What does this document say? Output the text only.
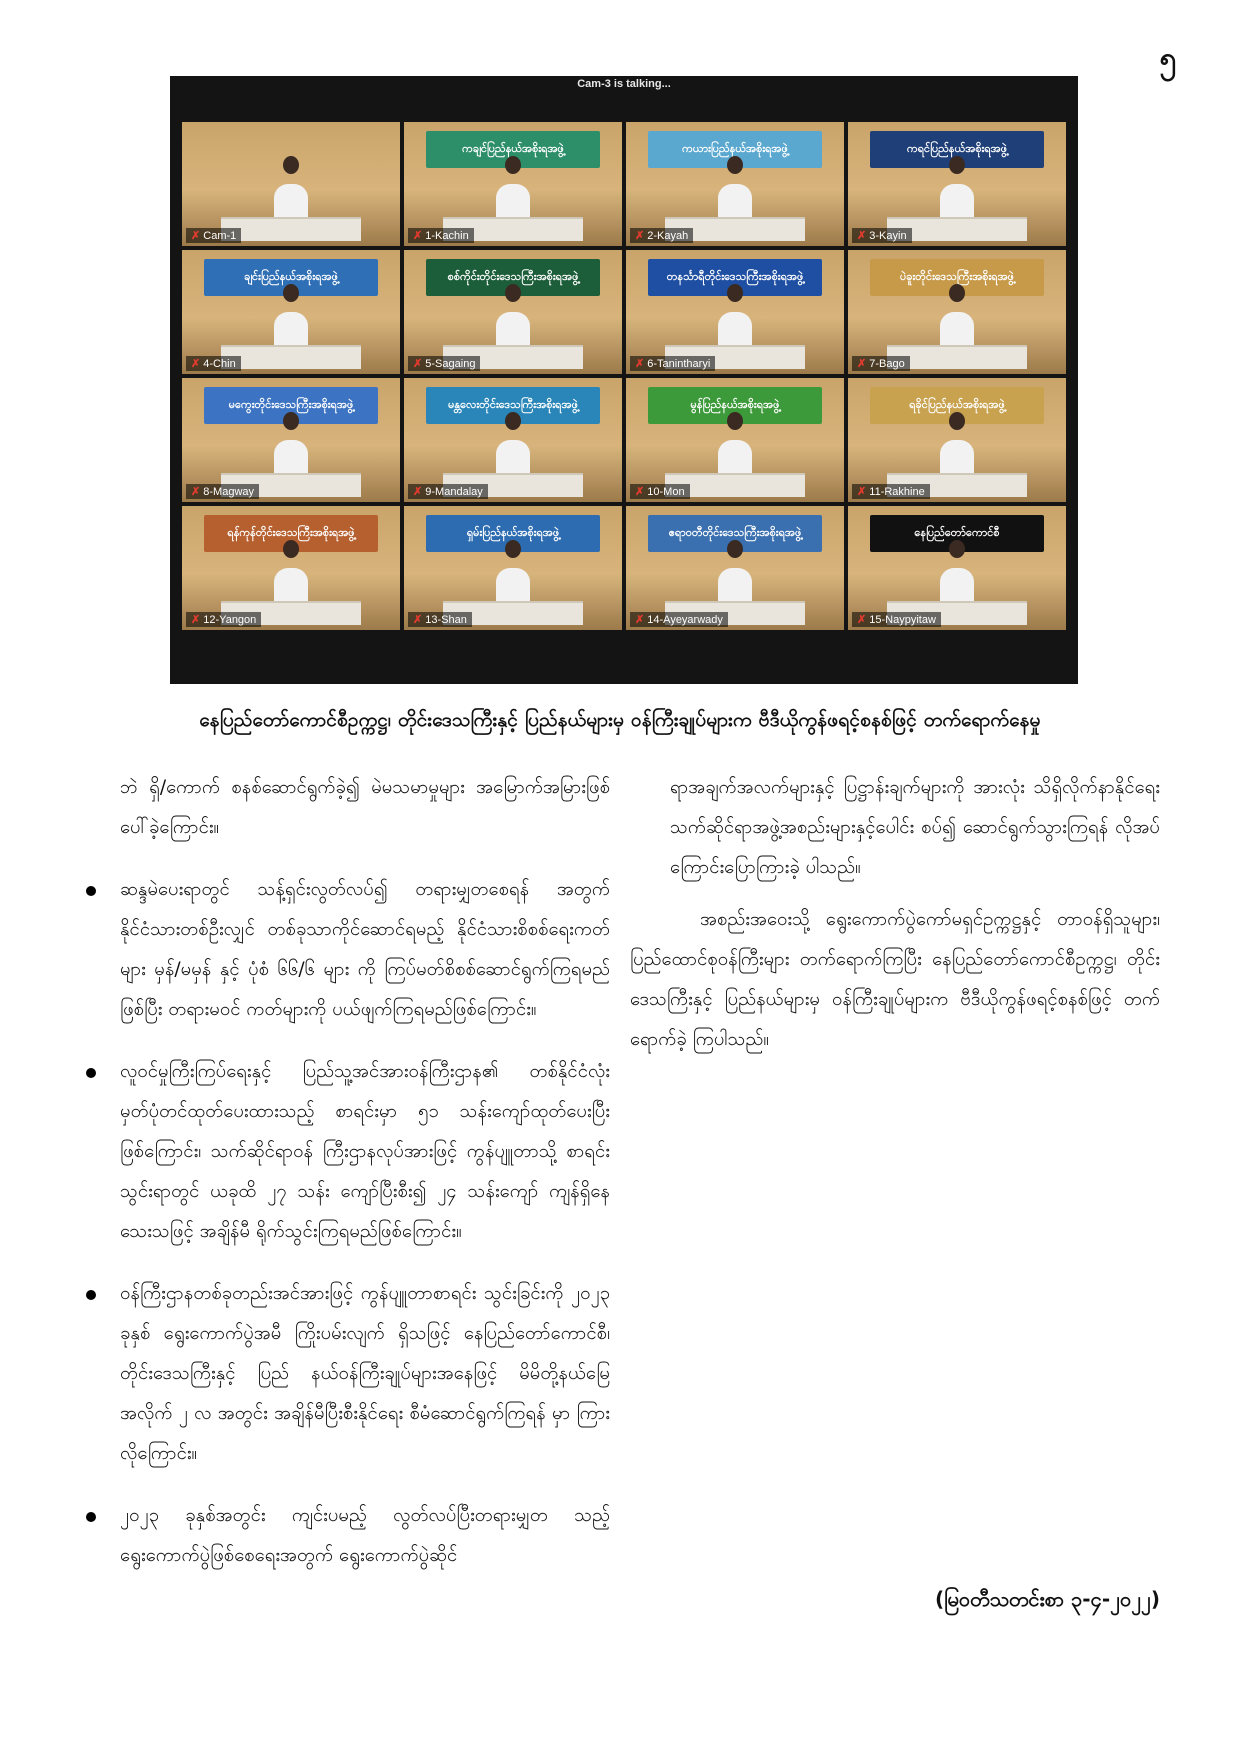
၅
Cam-3 is talking...
✗ Cam-1
ကချင်ပြည်နယ်အစိုးရအဖွဲ့
✗ 1-Kachin
ကယားပြည်နယ်အစိုးရအဖွဲ့
✗ 2-Kayah
ကရင်ပြည်နယ်အစိုးရအဖွဲ့
✗ 3-Kayin
ချင်းပြည်နယ်အစိုးရအဖွဲ့
✗ 4-Chin
စစ်ကိုင်းတိုင်းဒေသကြီးအစိုးရအဖွဲ့
✗ 5-Sagaing
တနင်္သာရီတိုင်းဒေသကြီးအစိုးရအဖွဲ့
✗ 6-Tanintharyi
ပဲခူးတိုင်းဒေသကြီးအစိုးရအဖွဲ့
✗ 7-Bago
မကွေးတိုင်းဒေသကြီးအစိုးရအဖွဲ့
✗ 8-Magway
မန္တလေးတိုင်းဒေသကြီးအစိုးရအဖွဲ့
✗ 9-Mandalay
မွန်ပြည်နယ်အစိုးရအဖွဲ့
✗ 10-Mon
ရခိုင်ပြည်နယ်အစိုးရအဖွဲ့
✗ 11-Rakhine
ရန်ကုန်တိုင်းဒေသကြီးအစိုးရအဖွဲ့
✗ 12-Yangon
ရှမ်းပြည်နယ်အစိုးရအဖွဲ့
✗ 13-Shan
ဧရာဝတီတိုင်းဒေသကြီးအစိုးရအဖွဲ့
✗ 14-Ayeyarwady
နေပြည်တော်ကောင်စီ
✗ 15-Naypyitaw
နေပြည်တော်ကောင်စီဥက္ကဋ္ဌ၊ တိုင်းဒေသကြီးနှင့် ပြည်နယ်များမှ ဝန်ကြီးချုပ်များက ဗီဒီယိုကွန်ဖရင့်စနစ်ဖြင့် တက်ရောက်နေမှု

ဘဲ ရှိ/ကောက် စနစ်ဆောင်ရွက်ခဲ့၍ မဲမသမာမှုများ အမြောက်အမြားဖြစ်ပေါ်ခဲ့ကြောင်း။

ဆန္ဒမဲပေးရာတွင် သန့်ရှင်းလွတ်လပ်၍ တရားမျှတစေရန် အတွက် နိုင်ငံသားတစ်ဦးလျှင် တစ်ခုသာကိုင်ဆောင်ရမည့် နိုင်ငံသားစိစစ်ရေးကတ်များ မှန်/မမှန် နှင့် ပုံစံ ၆၆/၆ များ ကို ကြပ်မတ်စိစစ်ဆောင်ရွက်ကြရမည်ဖြစ်ပြီး တရားမဝင် ကတ်များကို ပယ်ဖျက်ကြရမည်ဖြစ်ကြောင်း။
လူဝင်မှုကြီးကြပ်ရေးနှင့် ပြည်သူ့အင်အားဝန်ကြီးဌာန၏ တစ်နိုင်ငံလုံး မှတ်ပုံတင်ထုတ်ပေးထားသည့် စာရင်းမှာ ၅၁ သန်းကျော်ထုတ်ပေးပြီးဖြစ်ကြောင်း၊ သက်ဆိုင်ရာဝန် ကြီးဌာနလုပ်အားဖြင့် ကွန်ပျူတာသို့ စာရင်းသွင်းရာတွင် ယခုထိ ၂၇ သန်း ကျော်ပြီးစီး၍ ၂၄ သန်းကျော် ကျန်ရှိနေ သေးသဖြင့် အချိန်မီ ရိုက်သွင်းကြရမည်ဖြစ်ကြောင်း။
ဝန်ကြီးဌာနတစ်ခုတည်းအင်အားဖြင့် ကွန်ပျူတာစာရင်း သွင်းခြင်းကို ၂၀၂၃ ခုနှစ် ရွေးကောက်ပွဲအမီ ကြိုးပမ်းလျက် ရှိသဖြင့် နေပြည်တော်ကောင်စီ၊ တိုင်းဒေသကြီးနှင့် ပြည် နယ်ဝန်ကြီးချုပ်များအနေဖြင့် မိမိတို့နယ်မြေအလိုက် ၂ လ အတွင်း အချိန်မီပြီးစီးနိုင်ရေး စီမံဆောင်ရွက်ကြရန် မှာ ကြားလိုကြောင်း။
၂၀၂၃ ခုနှစ်အတွင်း ကျင်းပမည့် လွတ်လပ်ပြီးတရားမျှတ သည့် ရွေးကောက်ပွဲဖြစ်စေရေးအတွက် ရွေးကောက်ပွဲဆိုင်

ရာအချက်အလက်များနှင့် ပြဋ္ဌာန်းချက်များကို အားလုံး သိရှိလိုက်နာနိုင်ရေး သက်ဆိုင်ရာအဖွဲ့အစည်းများနှင့်ပေါင်း စပ်၍ ဆောင်ရွက်သွားကြရန် လိုအပ်ကြောင်းပြောကြားခဲ့ ပါသည်။

အစည်းအဝေးသို့ ရွေးကောက်ပွဲကော်မရှင်ဥက္ကဋ္ဌနှင့် တာဝန်ရှိသူများ၊ ပြည်ထောင်စုဝန်ကြီးများ တက်ရောက်ကြပြီး နေပြည်တော်ကောင်စီဥက္ကဋ္ဌ၊ တိုင်းဒေသကြီးနှင့် ပြည်နယ်များမှ ဝန်ကြီးချုပ်များက ဗီဒီယိုကွန်ဖရင့်စနစ်ဖြင့် တက်ရောက်ခဲ့ ကြပါသည်။

(မြဝတီသတင်းစာ ၃-၄-၂၀၂၂)
